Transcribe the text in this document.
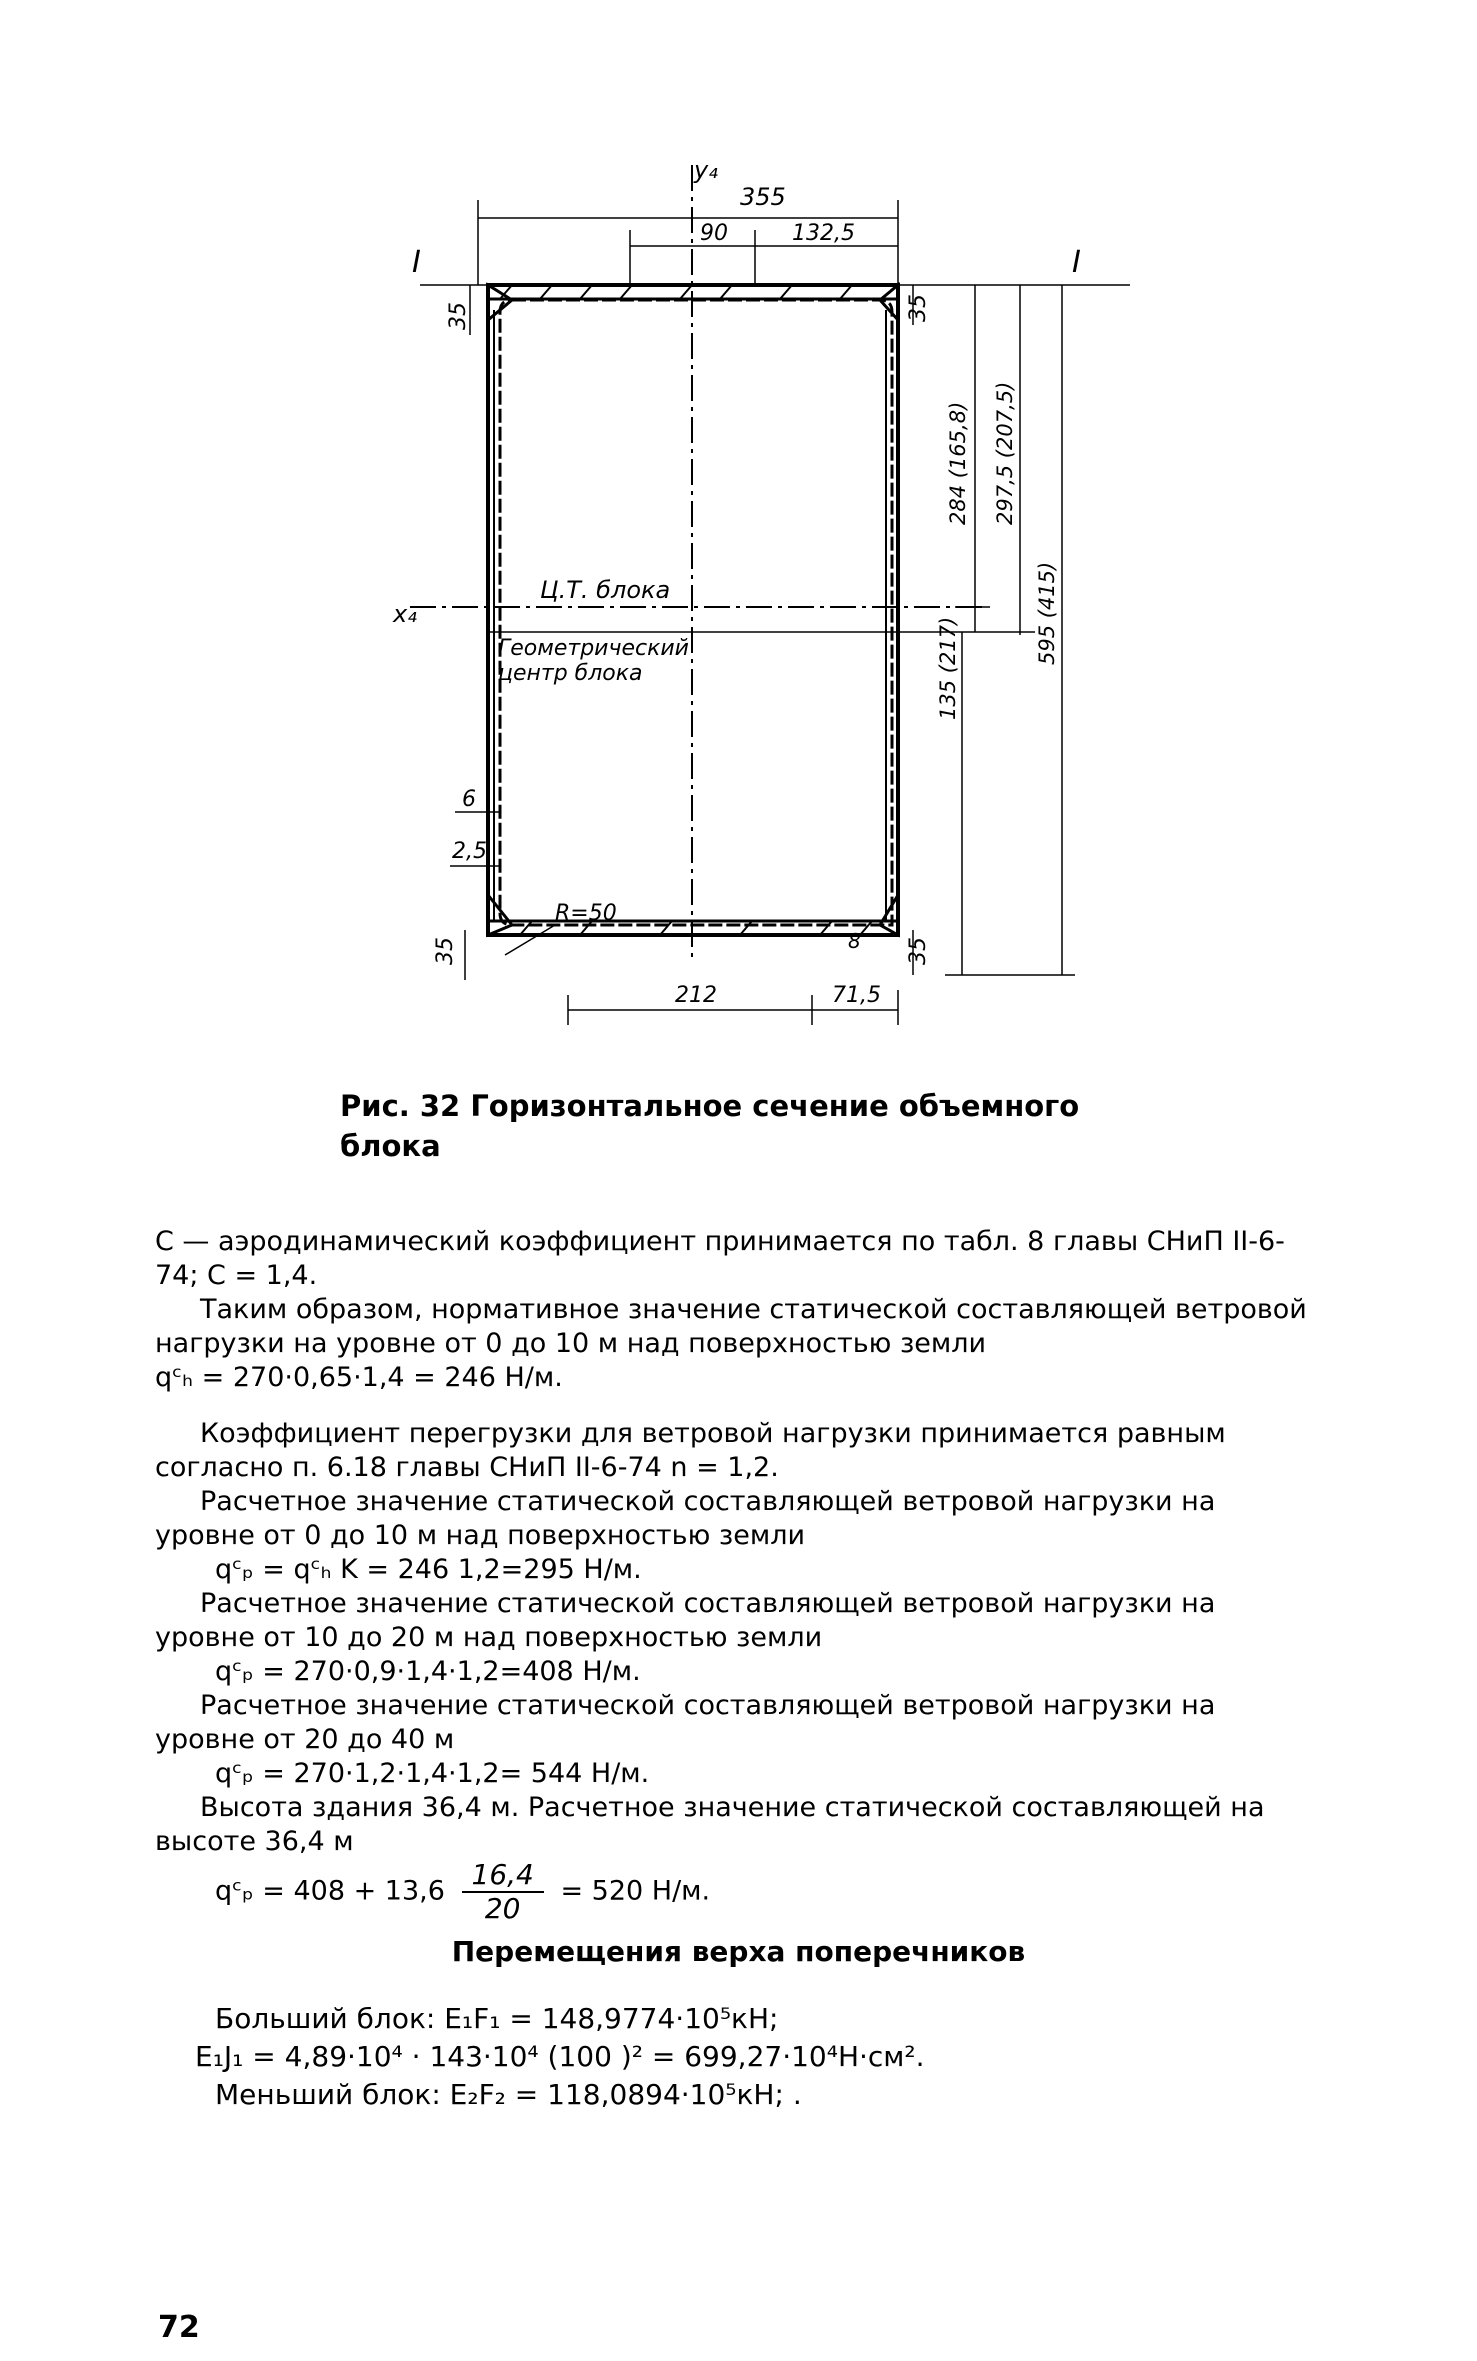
y₄
I	I
x₄
Ц.Т. блока
Геометрический
центр блока
355
90	132,5
35	35
35	35
284 (165,8) 297,5 (207,5)
595 (415)
135 (217)
6
2,5
R=50
8
212	71,5
Рис. 32 Горизонтальное сечение объемного блока

C — аэродинамический коэффициент принимается по табл. 8 главы СНиП II-6-74; C = 1,4.

Таким образом, нормативное значение статической составляющей ветровой нагрузки на уровне от 0 до 10 м над поверхностью земли

qᶜₕ = 270·0,65·1,4 = 246 Н/м.

Коэффициент перегрузки для ветровой нагрузки принимается равным согласно п. 6.18 главы СНиП II-6-74 n = 1,2.

Расчетное значение статической составляющей ветровой нагрузки на уровне от 0 до 10 м над поверхностью земли

qᶜₚ = qᶜₕ K = 246 1,2=295 Н/м.

Расчетное значение статической составляющей ветровой нагрузки на уровне от 10 до 20 м над поверхностью земли

qᶜₚ = 270·0,9·1,4·1,2=408 Н/м.

Расчетное значение статической составляющей ветровой нагрузки на уровне от 20 до 40 м

qᶜₚ = 270·1,2·1,4·1,2= 544 Н/м.

Высота здания 36,4 м. Расчетное значение статической составляющей на высоте 36,4 м

qᶜₚ = $408 + 13,6 \frac{16,4}{20} = 520$ Н/м.

Перемещения верха поперечников

Больший блок: E₁F₁ = 148,9774·10⁵кН;

E₁J₁ = 4,89·10⁴ · 143·10⁴ (100 )² = 699,27·10⁴Н·см².

Меньший блок: E₂F₂ = 118,0894·10⁵кН; .

72
